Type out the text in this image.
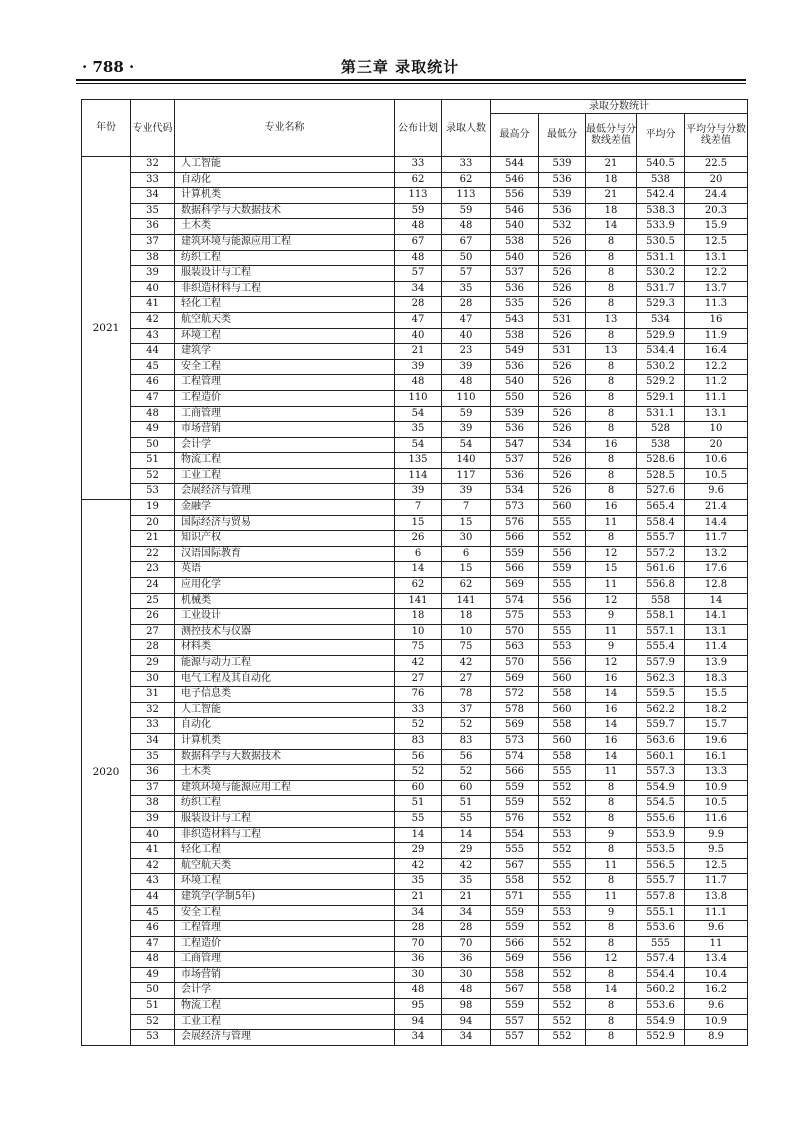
· 788 ·	第三章 录取统计
年份	专业代码	专业名称	公布计划	录取人数	录取分数统计				
					最高分	最低分	最低分与分数线差值	平均分	平均分与分数线差值
2021	32	人工智能	33	33	544	539	21	540.5	22.5
	33	自动化	62	62	546	536	18	538	20
	34	计算机类	113	113	556	539	21	542.4	24.4
	35	数据科学与大数据技术	59	59	546	536	18	538.3	20.3
	36	土木类	48	48	540	532	14	533.9	15.9
	37	建筑环境与能源应用工程	67	67	538	526	8	530.5	12.5
	38	纺织工程	48	50	540	526	8	531.1	13.1
	39	服装设计与工程	57	57	537	526	8	530.2	12.2
	40	非织造材料与工程	34	35	536	526	8	531.7	13.7
	41	轻化工程	28	28	535	526	8	529.3	11.3
	42	航空航天类	47	47	543	531	13	534	16
	43	环境工程	40	40	538	526	8	529.9	11.9
	44	建筑学	21	23	549	531	13	534.4	16.4
	45	安全工程	39	39	536	526	8	530.2	12.2
	46	工程管理	48	48	540	526	8	529.2	11.2
	47	工程造价	110	110	550	526	8	529.1	11.1
	48	工商管理	54	59	539	526	8	531.1	13.1
	49	市场营销	35	39	536	526	8	528	10
	50	会计学	54	54	547	534	16	538	20
	51	物流工程	135	140	537	526	8	528.6	10.6
	52	工业工程	114	117	536	526	8	528.5	10.5
	53	会展经济与管理	39	39	534	526	8	527.6	9.6
2020	19	金融学	7	7	573	560	16	565.4	21.4
	20	国际经济与贸易	15	15	576	555	11	558.4	14.4
	21	知识产权	26	30	566	552	8	555.7	11.7
	22	汉语国际教育	6	6	559	556	12	557.2	13.2
	23	英语	14	15	566	559	15	561.6	17.6
	24	应用化学	62	62	569	555	11	556.8	12.8
	25	机械类	141	141	574	556	12	558	14
	26	工业设计	18	18	575	553	9	558.1	14.1
	27	测控技术与仪器	10	10	570	555	11	557.1	13.1
	28	材料类	75	75	563	553	9	555.4	11.4
	29	能源与动力工程	42	42	570	556	12	557.9	13.9
	30	电气工程及其自动化	27	27	569	560	16	562.3	18.3
	31	电子信息类	76	78	572	558	14	559.5	15.5
	32	人工智能	33	37	578	560	16	562.2	18.2
	33	自动化	52	52	569	558	14	559.7	15.7
	34	计算机类	83	83	573	560	16	563.6	19.6
	35	数据科学与大数据技术	56	56	574	558	14	560.1	16.1
	36	土木类	52	52	566	555	11	557.3	13.3
	37	建筑环境与能源应用工程	60	60	559	552	8	554.9	10.9
	38	纺织工程	51	51	559	552	8	554.5	10.5
	39	服装设计与工程	55	55	576	552	8	555.6	11.6
	40	非织造材料与工程	14	14	554	553	9	553.9	9.9
	41	轻化工程	29	29	555	552	8	553.5	9.5
	42	航空航天类	42	42	567	555	11	556.5	12.5
	43	环境工程	35	35	558	552	8	555.7	11.7
	44	建筑学(学制5年)	21	21	571	555	11	557.8	13.8
	45	安全工程	34	34	559	553	9	555.1	11.1
	46	工程管理	28	28	559	552	8	553.6	9.6
	47	工程造价	70	70	566	552	8	555	11
	48	工商管理	36	36	569	556	12	557.4	13.4
	49	市场营销	30	30	558	552	8	554.4	10.4
	50	会计学	48	48	567	558	14	560.2	16.2
	51	物流工程	95	98	559	552	8	553.6	9.6
	52	工业工程	94	94	557	552	8	554.9	10.9
	53	会展经济与管理	34	34	557	552	8	552.9	8.9
